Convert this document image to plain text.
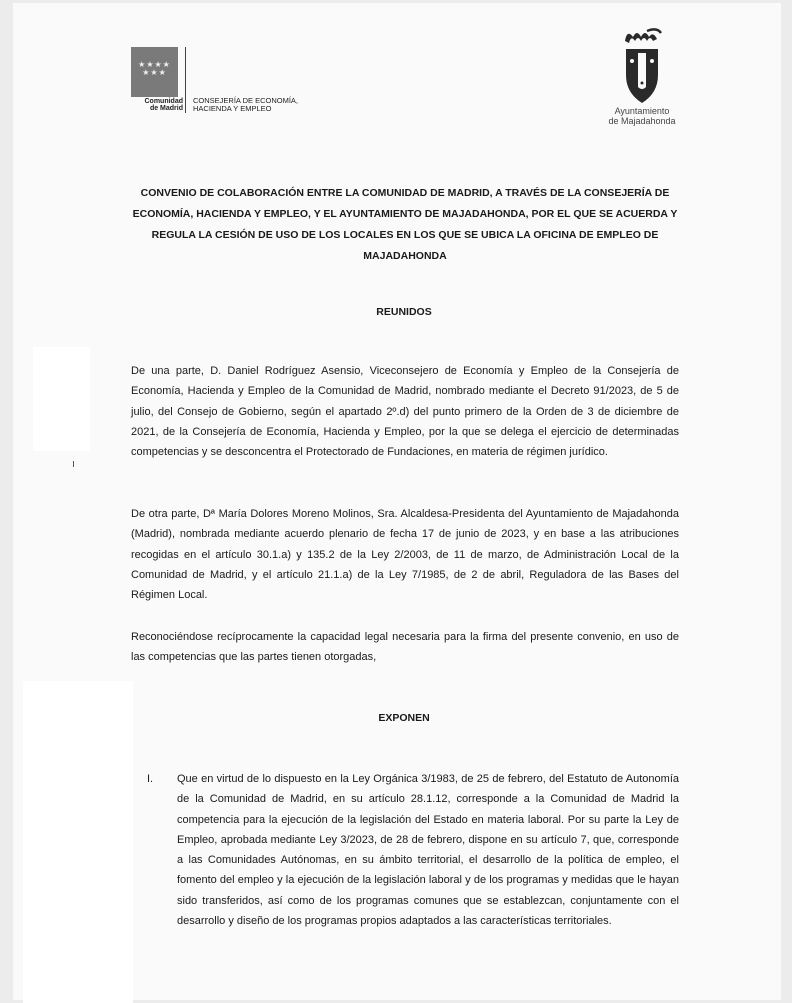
★★★★ ★★★
Comunidad
de Madrid
CONSEJERÍA DE ECONOMÍA,
HACIENDA Y EMPLEO	Ayuntamiento
de Majadahonda
CONVENIO DE COLABORACIÓN ENTRE LA COMUNIDAD DE MADRID, A TRAVÉS DE LA CONSEJERÍA DE ECONOMÍA, HACIENDA Y EMPLEO, Y EL AYUNTAMIENTO DE MAJADAHONDA, POR EL QUE SE ACUERDA Y REGULA LA CESIÓN DE USO DE LOS LOCALES EN LOS QUE SE UBICA LA OFICINA DE EMPLEO DE MAJADAHONDA
REUNIDOS
De una parte, D. Daniel Rodríguez Asensio, Viceconsejero de Economía y Empleo de la Consejería de Economía, Hacienda y Empleo de la Comunidad de Madrid, nombrado mediante el Decreto 91/2023, de 5 de julio, del Consejo de Gobierno, según el apartado 2º.d) del punto primero de la Orden de 3 de diciembre de 2021, de la Consejería de Economía, Hacienda y Empleo, por la que se delega el ejercicio de determinadas competencias y se desconcentra el Protectorado de Fundaciones, en materia de régimen jurídico.
De otra parte, Dª María Dolores Moreno Molinos, Sra. Alcaldesa-Presidenta del Ayuntamiento de Majadahonda (Madrid), nombrada mediante acuerdo plenario de fecha 17 de junio de 2023, y en base a las atribuciones recogidas en el artículo 30.1.a) y 135.2 de la Ley 2/2003, de 11 de marzo, de Administración Local de la Comunidad de Madrid, y el artículo 21.1.a) de la Ley 7/1985, de 2 de abril, Reguladora de las Bases del Régimen Local.
Reconociéndose recíprocamente la capacidad legal necesaria para la firma del presente convenio, en uso de las competencias que las partes tienen otorgadas,
EXPONEN
I. Que en virtud de lo dispuesto en la Ley Orgánica 3/1983, de 25 de febrero, del Estatuto de Autonomía de la Comunidad de Madrid, en su artículo 28.1.12, corresponde a la Comunidad de Madrid la competencia para la ejecución de la legislación del Estado en materia laboral. Por su parte la Ley de Empleo, aprobada mediante Ley 3/2023, de 28 de febrero, dispone en su artículo 7, que, corresponde a las Comunidades Autónomas, en su ámbito territorial, el desarrollo de la política de empleo, el fomento del empleo y la ejecución de la legislación laboral y de los programas y medidas que le hayan sido transferidos, así como de los programas comunes que se establezcan, conjuntamente con el desarrollo y diseño de los programas propios adaptados a las características territoriales.
